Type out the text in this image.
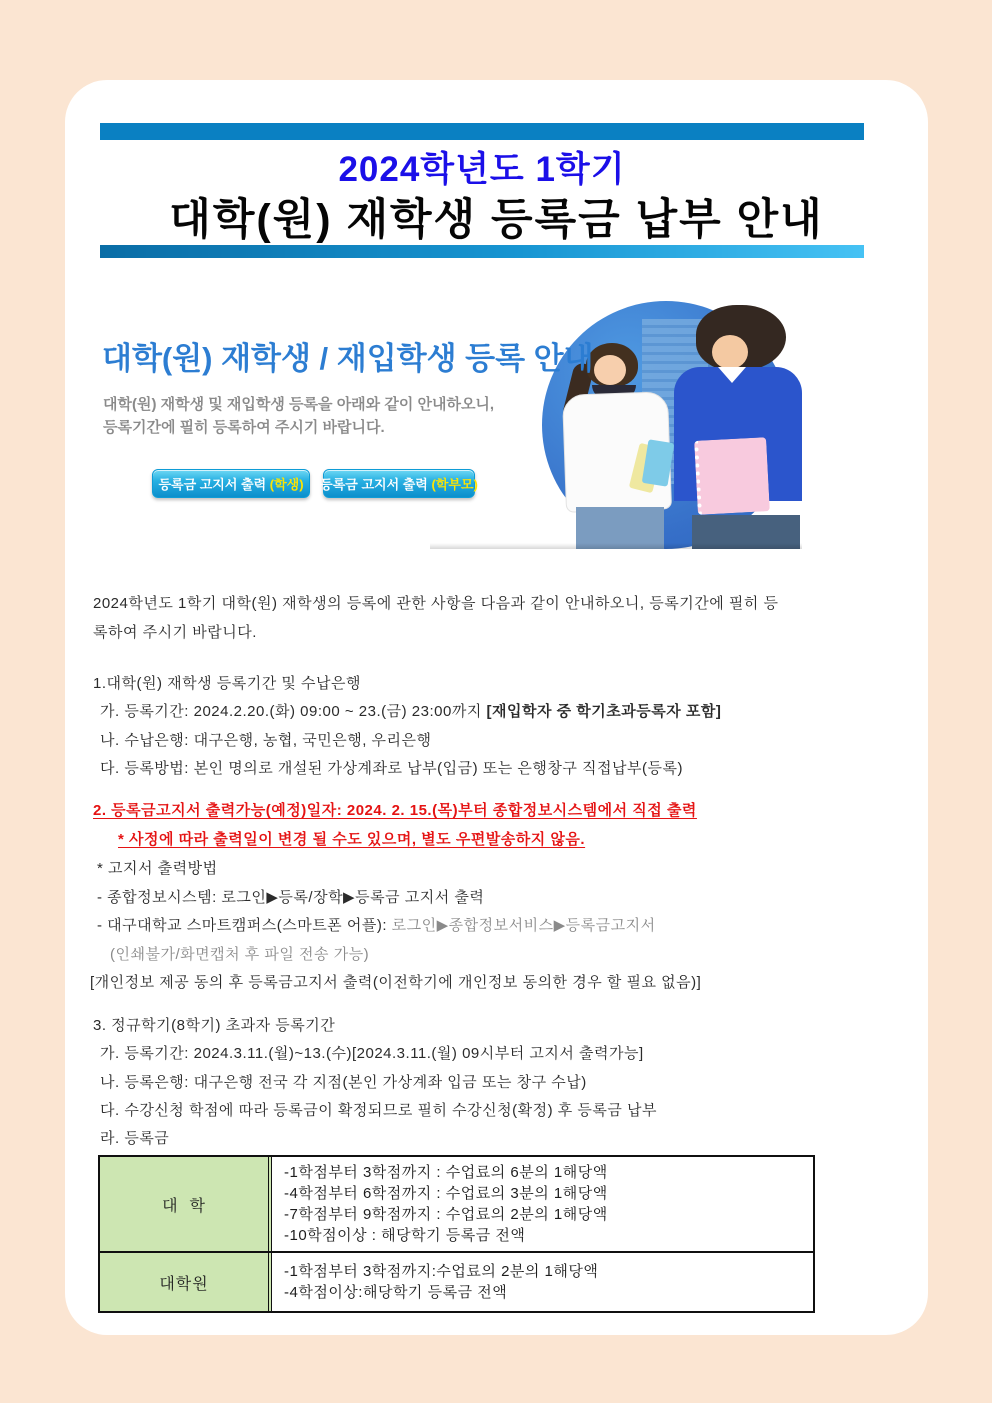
2024학년도 1학기
대학(원) 재학생 등록금 납부 안내
대학(원) 재학생 / 재입학생 등록 안내
대학(원) 재학생 및 재입학생 등록을 아래와 같이 안내하오니,
등록기간에 필히 등록하여 주시기 바랍니다.
등록금 고지서 출력 (학생) 등록금 고지서 출력 (학부모)
2024학년도 1학기 대학(원) 재학생의 등록에 관한 사항을 다음과 같이 안내하오니, 등록기간에 필히 등
록하여 주시기 바랍니다.
1.대학(원) 재학생 등록기간 및 수납은행
가. 등록기간: 2024.2.20.(화) 09:00 ~ 23.(금) 23:00까지 [재입학자 중 학기초과등록자 포함]
나. 수납은행: 대구은행, 농협, 국민은행, 우리은행
다. 등록방법: 본인 명의로 개설된 가상계좌로 납부(입금) 또는 은행창구 직접납부(등록)
2. 등록금고지서 출력가능(예정)일자: 2024. 2. 15.(목)부터 종합정보시스템에서 직접 출력
* 사정에 따라 출력일이 변경 될 수도 있으며, 별도 우편발송하지 않음.
* 고지서 출력방법
- 종합정보시스템: 로그인▶등록/장학▶등록금 고지서 출력
- 대구대학교 스마트캠퍼스(스마트폰 어플): 로그인▶종합정보서비스▶등록금고지서
(인쇄불가/화면캡처 후 파일 전송 가능)
[개인정보 제공 동의 후 등록금고지서 출력(이전학기에 개인정보 동의한 경우 할 필요 없음)]
3. 정규학기(8학기) 초과자 등록기간
가. 등록기간: 2024.3.11.(월)~13.(수)[2024.3.11.(월) 09시부터 고지서 출력가능]
나. 등록은행: 대구은행 전국 각 지점(본인 가상계좌 입금 또는 창구 수납)
다. 수강신청 학점에 따라 등록금이 확정되므로 필히 수강신청(확정) 후 등록금 납부
라. 등록금
대  학
-1학점부터 3학점까지 : 수업료의 6분의 1해당액
-4학점부터 6학점까지 : 수업료의 3분의 1해당액
-7학점부터 9학점까지 : 수업료의 2분의 1해당액
-10학점이상 : 해당학기 등록금 전액
대학원
-1학점부터 3학점까지:수업료의 2분의 1해당액
-4학점이상:해당학기 등록금 전액
